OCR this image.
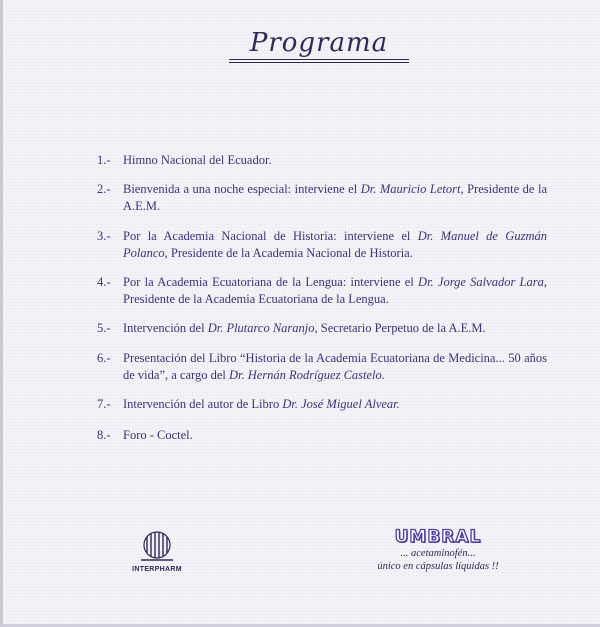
Programa
1.- Himno Nacional del Ecuador.
2.- Bienvenida a una noche especial: interviene el Dr. Mauricio Letort, Presidente de la A.E.M.
3.- Por la Academia Nacional de Historia: interviene el Dr. Manuel de Guzmán Polanco, Presidente de la Academia Nacional de Historia.
4.- Por la Academia Ecuatoriana de la Lengua: interviene el Dr. Jorge Salvador Lara, Presidente de la Academia Ecuatoriana de la Lengua.
5.- Intervención del Dr. Plutarco Naranjo, Secretario Perpetuo de la A.E.M.
6.- Presentación del Libro “Historia de la Academia Ecuatoriana de Medicina... 50 años de vida”, a cargo del Dr. Hernán Rodríguez Castelo.
7.- Intervención del autor de Libro Dr. José Miguel Alvear.
8.- Foro - Coctel.
INTERPHARM
UMBRAL
... acetaminofén...
único en cápsulas líquidas !!
